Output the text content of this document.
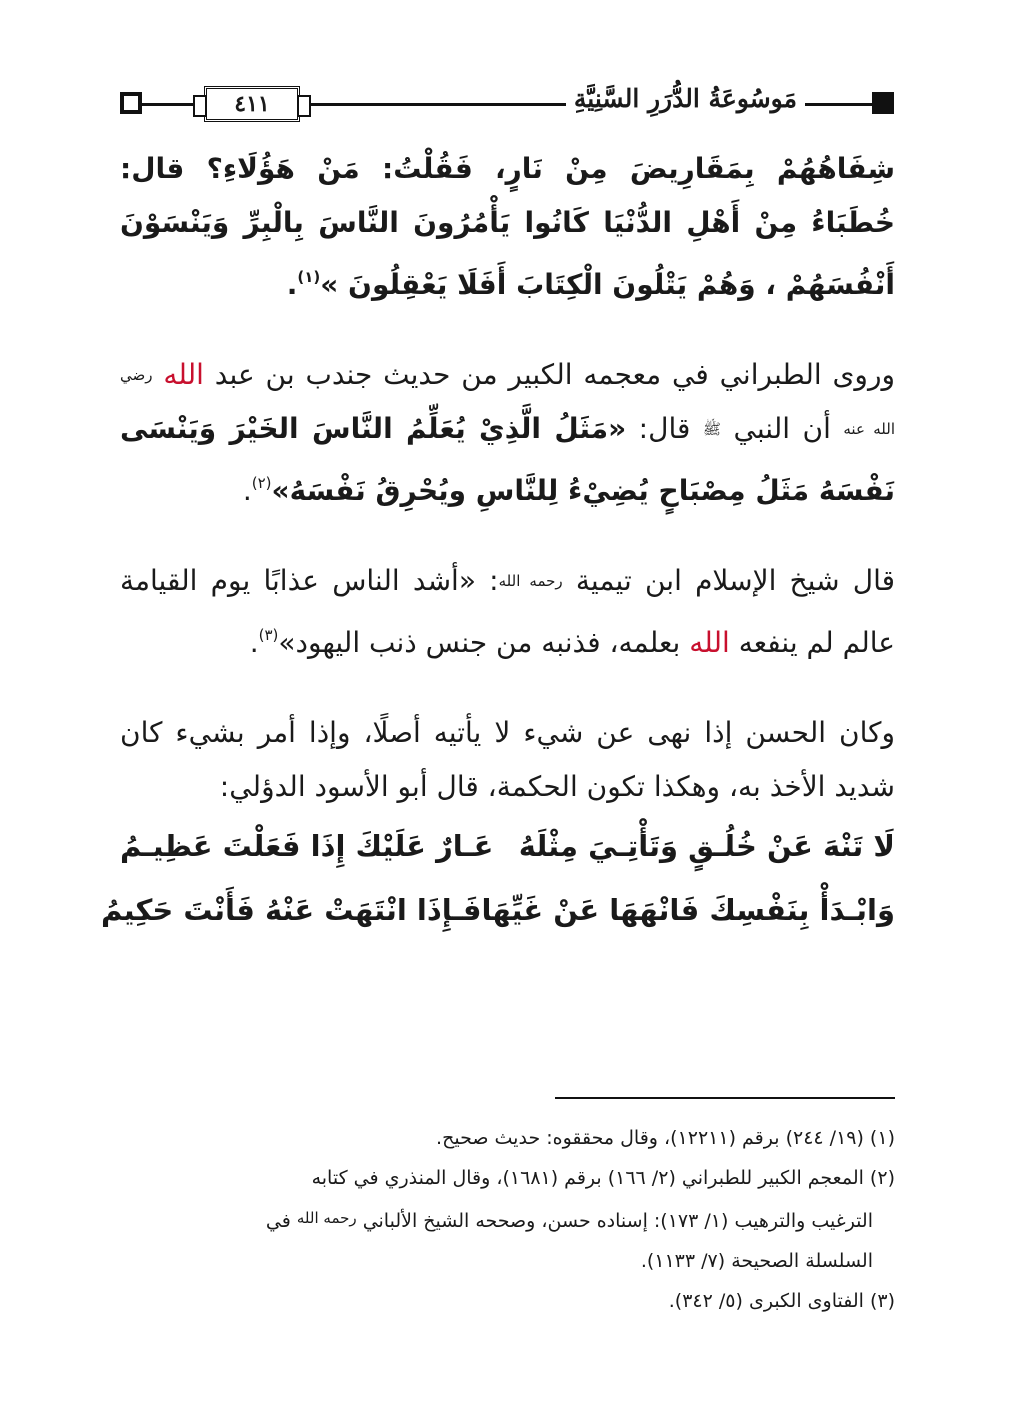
٤١١	مَوسُوعَةُ الدُّرَرِ السَّنِيَّةِ

شِفَاهُهُمْ بِمَقَارِيضَ مِنْ نَارٍ، فَقُلْتُ: مَنْ هَؤُلَاءِ؟ قال: خُطَبَاءُ مِنْ أَهْلِ الدُّنْيَا كَانُوا يَأْمُرُونَ النَّاسَ بِالْبِرِّ وَيَنْسَوْنَ أَنْفُسَهُمْ ، وَهُمْ يَتْلُونَ الْكِتَابَ أَفَلَا يَعْقِلُونَ »$^{(١)}$.

وروى الطبراني في معجمه الكبير من حديث جندب بن عبد الله رضي الله عنه أن النبي ﷺ قال: «مَثَلُ الَّذِيْ يُعَلِّمُ النَّاسَ الخَيْرَ وَيَنْسَى نَفْسَهُ مَثَلُ مِصْبَاحٍ يُضِيْءُ لِلنَّاسِ ويُحْرِقُ نَفْسَهُ»$^{(٢)}$.

قال شيخ الإسلام ابن تيمية رحمه الله: «أشد الناس عذابًا يوم القيامة عالم لم ينفعه الله بعلمه، فذنبه من جنس ذنب اليهود»$^{(٣)}$.

وكان الحسن إذا نهى عن شيء لا يأتيه أصلًا، وإذا أمر بشيء كان شديد الأخذ به، وهكذا تكون الحكمة، قال أبو الأسود الدؤلي:

لَا تَنْهَ عَنْ خُلُـقٍ وَتَأْتِـيَ مِثْلَهُ
عَـارٌ عَلَيْكَ إِذَا فَعَلْتَ عَظِيـمُ
وَابْـدَأْ بِنَفْسِكَ فَانْهَهَا عَنْ غَيِّهَا
فَـإِذَا انْتَهَتْ عَنْهُ فَأَنْتَ حَكِيمُ

(١) (١٩/ ٢٤٤) برقم (١٢٢١١)، وقال محققوه: حديث صحيح.

(٢) المعجم الكبير للطبراني (٢/ ١٦٦) برقم (١٦٨١)، وقال المنذري في كتابه

الترغيب والترهيب (١/ ١٧٣): إسناده حسن، وصححه الشيخ الألباني $^{رحمه الله}$ في

السلسلة الصحيحة (٧/ ١١٣٣).

(٣) الفتاوى الكبرى (٥/ ٣٤٢).
